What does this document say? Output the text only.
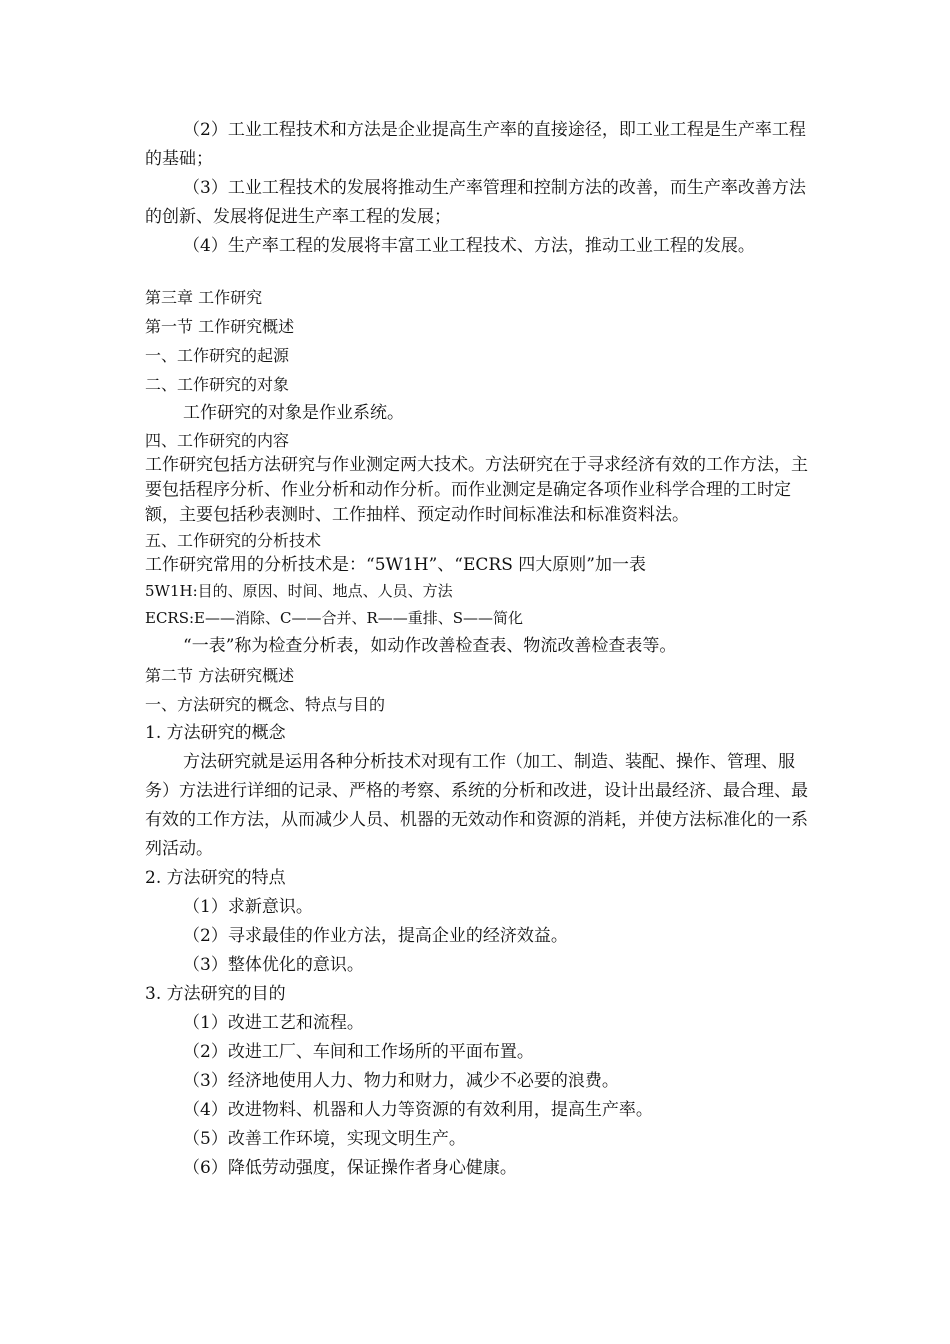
（2）工业工程技术和方法是企业提高生产率的直接途径，即工业工程是生产率工程的基础；

（3）工业工程技术的发展将推动生产率管理和控制方法的改善，而生产率改善方法的创新、发展将促进生产率工程的发展；

（4）生产率工程的发展将丰富工业工程技术、方法，推动工业工程的发展。

第三章 工作研究
第一节 工作研究概述
一、工作研究的起源
二、工作研究的对象

工作研究的对象是作业系统。

四、工作研究的内容

工作研究包括方法研究与作业测定两大技术。方法研究在于寻求经济有效的工作方法，主要包括程序分析、作业分析和动作分析。而作业测定是确定各项作业科学合理的工时定额，主要包括秒表测时、工作抽样、预定动作时间标准法和标准资料法。

五、工作研究的分析技术

工作研究常用的分析技术是：“5W1H”、“ECRS 四大原则”加一表

5W1H:目的、原因、时间、地点、人员、方法

ECRS:E——消除、C——合并、R——重排、S——简化

“一表”称为检查分析表，如动作改善检查表、物流改善检查表等。

第二节 方法研究概述
一、方法研究的概念、特点与目的

1. 方法研究的概念

方法研究就是运用各种分析技术对现有工作（加工、制造、装配、操作、管理、服务）方法进行详细的记录、严格的考察、系统的分析和改进，设计出最经济、最合理、最有效的工作方法，从而减少人员、机器的无效动作和资源的消耗，并使方法标准化的一系列活动。

2. 方法研究的特点

（1）求新意识。

（2）寻求最佳的作业方法，提高企业的经济效益。

（3）整体优化的意识。

3. 方法研究的目的

（1）改进工艺和流程。

（2）改进工厂、车间和工作场所的平面布置。

（3）经济地使用人力、物力和财力，减少不必要的浪费。

（4）改进物料、机器和人力等资源的有效利用，提高生产率。

（5）改善工作环境，实现文明生产。

（6）降低劳动强度，保证操作者身心健康。
